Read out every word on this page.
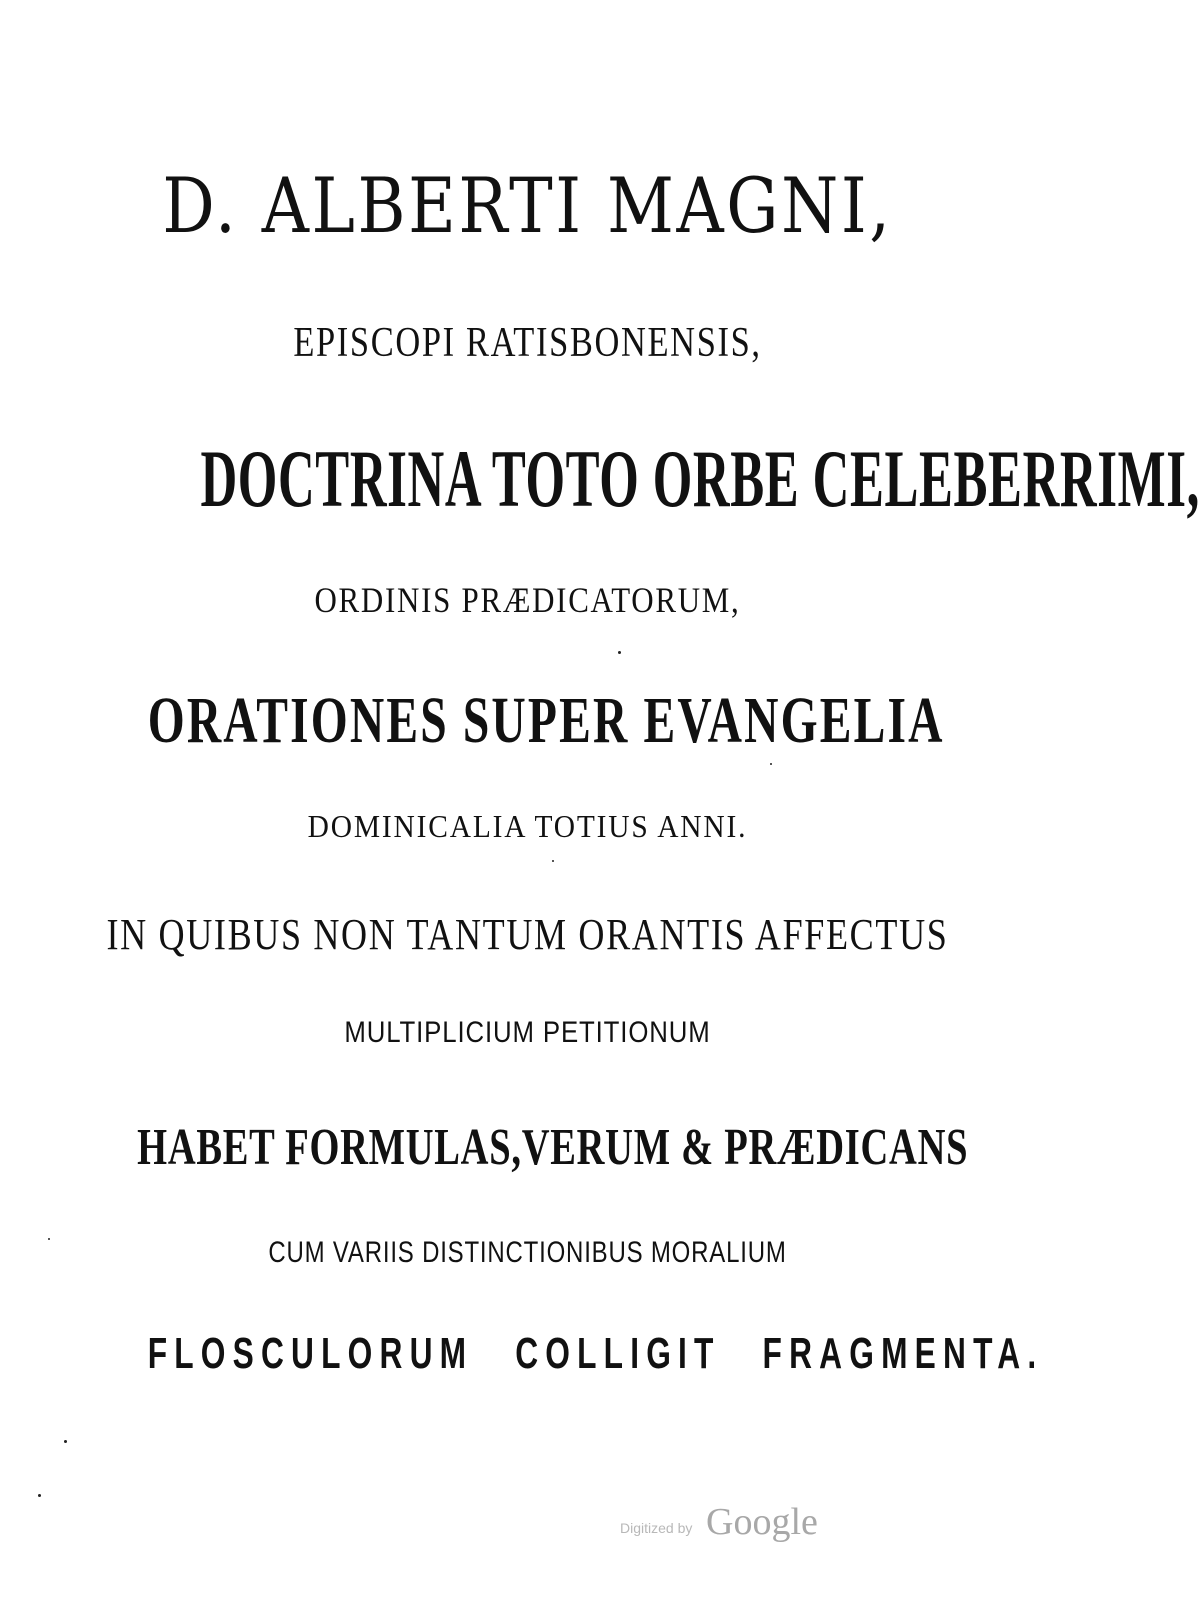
D. ALBERTI MAGNI,
EPISCOPI RATISBONENSIS,
DOCTRINA TOTO ORBE CELEBERRIMI,
ORDINIS PRÆDICATORUM,
ORATIONES SUPER EVANGELIA
DOMINICALIA TOTIUS ANNI.
IN QUIBUS NON TANTUM ORANTIS AFFECTUS
MULTIPLICIUM PETITIONUM
HABET FORMULAS,VERUM & PRÆDICANS
CUM VARIIS DISTINCTIONIBUS MORALIUM
FLOSCULORUM COLLIGIT FRAGMENTA.
Digitized by Google
